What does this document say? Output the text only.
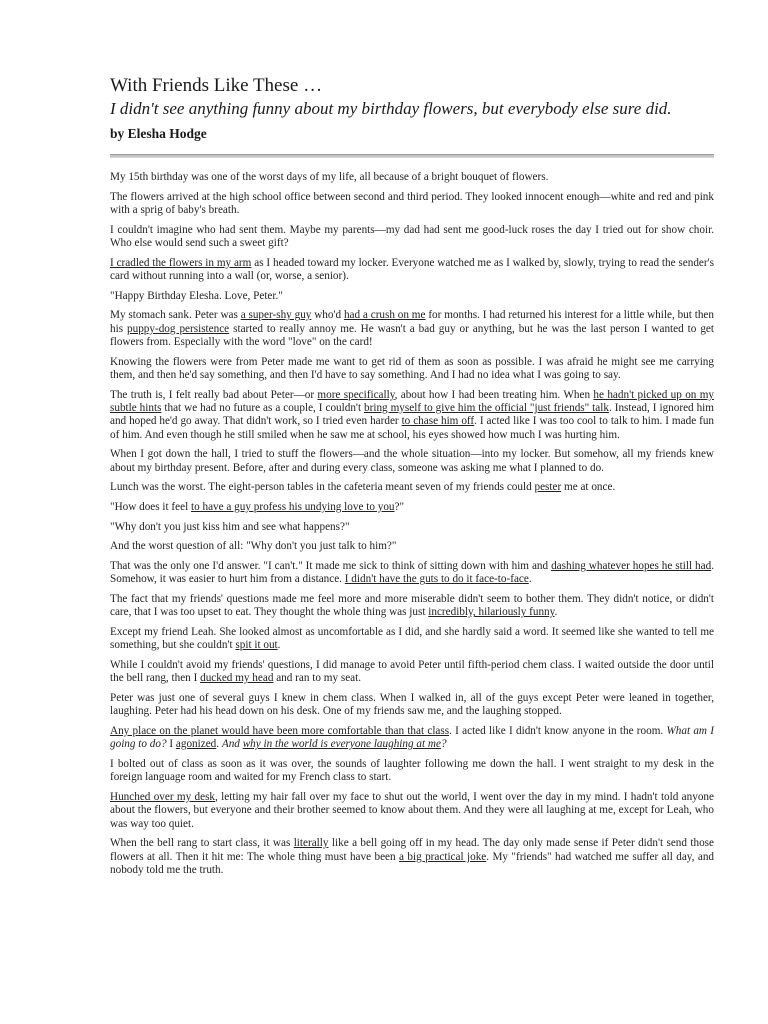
With Friends Like These …
I didn't see anything funny about my birthday flowers, but everybody else sure did.
by Elesha Hodge

My 15th birthday was one of the worst days of my life, all because of a bright bouquet of flowers.

The flowers arrived at the high school office between second and third period. They looked innocent enough—white and red and pink with a sprig of baby's breath.

I couldn't imagine who had sent them. Maybe my parents—my dad had sent me good-luck roses the day I tried out for show choir. Who else would send such a sweet gift?

I cradled the flowers in my arm as I headed toward my locker. Everyone watched me as I walked by, slowly, trying to read the sender's card without running into a wall (or, worse, a senior).

"Happy Birthday Elesha. Love, Peter."

My stomach sank. Peter was a super-shy guy who'd had a crush on me for months. I had returned his interest for a little while, but then his puppy-dog persistence started to really annoy me. He wasn't a bad guy or anything, but he was the last person I wanted to get flowers from. Especially with the word "love" on the card!

Knowing the flowers were from Peter made me want to get rid of them as soon as possible. I was afraid he might see me carrying them, and then he'd say something, and then I'd have to say something. And I had no idea what I was going to say.

The truth is, I felt really bad about Peter—or more specifically, about how I had been treating him. When he hadn't picked up on my subtle hints that we had no future as a couple, I couldn't bring myself to give him the official "just friends" talk. Instead, I ignored him and hoped he'd go away. That didn't work, so I tried even harder to chase him off. I acted like I was too cool to talk to him. I made fun of him. And even though he still smiled when he saw me at school, his eyes showed how much I was hurting him.

When I got down the hall, I tried to stuff the flowers—and the whole situation—into my locker. But somehow, all my friends knew about my birthday present. Before, after and during every class, someone was asking me what I planned to do.

Lunch was the worst. The eight-person tables in the cafeteria meant seven of my friends could pester me at once.

"How does it feel to have a guy profess his undying love to you?"

"Why don't you just kiss him and see what happens?"

And the worst question of all: "Why don't you just talk to him?"

That was the only one I'd answer. "I can't." It made me sick to think of sitting down with him and dashing whatever hopes he still had. Somehow, it was easier to hurt him from a distance. I didn't have the guts to do it face-to-face.

The fact that my friends' questions made me feel more and more miserable didn't seem to bother them. They didn't notice, or didn't care, that I was too upset to eat. They thought the whole thing was just incredibly, hilariously funny.

Except my friend Leah. She looked almost as uncomfortable as I did, and she hardly said a word. It seemed like she wanted to tell me something, but she couldn't spit it out.

While I couldn't avoid my friends' questions, I did manage to avoid Peter until fifth-period chem class. I waited outside the door until the bell rang, then I ducked my head and ran to my seat.

Peter was just one of several guys I knew in chem class. When I walked in, all of the guys except Peter were leaned in together, laughing. Peter had his head down on his desk. One of my friends saw me, and the laughing stopped.

Any place on the planet would have been more comfortable than that class. I acted like I didn't know anyone in the room. What am I going to do? I agonized. And why in the world is everyone laughing at me?

I bolted out of class as soon as it was over, the sounds of laughter following me down the hall. I went straight to my desk in the foreign language room and waited for my French class to start.

Hunched over my desk, letting my hair fall over my face to shut out the world, I went over the day in my mind. I hadn't told anyone about the flowers, but everyone and their brother seemed to know about them. And they were all laughing at me, except for Leah, who was way too quiet.

When the bell rang to start class, it was literally like a bell going off in my head. The day only made sense if Peter didn't send those flowers at all. Then it hit me: The whole thing must have been a big practical joke. My "friends" had watched me suffer all day, and nobody told me the truth.
